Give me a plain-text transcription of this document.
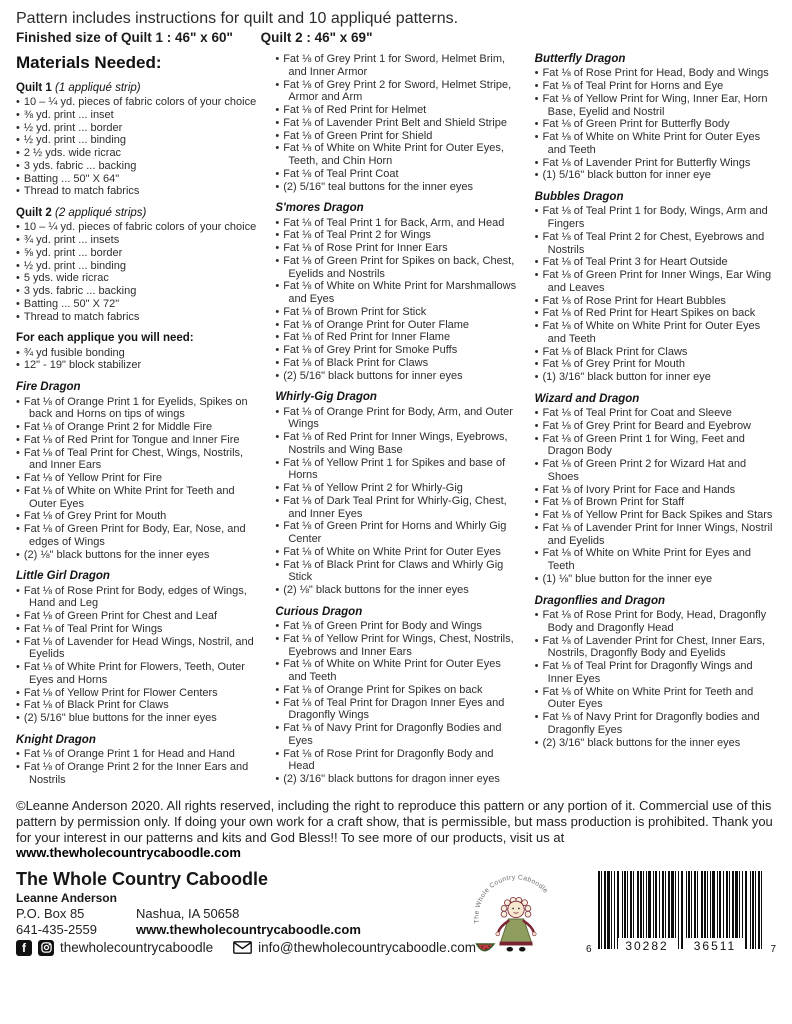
Pattern includes instructions for quilt and 10 appliqué patterns.
Finished size of Quilt 1 : 46" x 60" Quilt 2 : 46" x 69"
Materials Needed:
Quilt 1 (1 appliqué strip)
• 10 – ¼ yd. pieces of fabric colors of your choice
• ⅜ yd. print ... inset
• ½ yd. print ... border
• ½ yd. print ... binding
• 2 ½ yds. wide ricrac
• 3 yds. fabric ... backing
• Batting ... 50" X 64"
• Thread to match fabrics
Quilt 2 (2 appliqué strips)
• 10 – ¼ yd. pieces of fabric colors of your choice
• ¾ yd. print ... insets
• ⅝ yd. print ... border
• ½ yd. print ... binding
• 5 yds. wide ricrac
• 3 yds. fabric ... backing
• Batting ... 50" X 72"
• Thread to match fabrics
For each applique you will need:
• ¾ yd fusible bonding
• 12" - 19" block stabilizer
Fire Dragon
• Fat ⅛ of Orange Print 1 for Eyelids, Spikes on back and Horns on tips of wings
• Fat ⅛ of Orange Print 2 for Middle Fire
• Fat ⅛ of Red Print for Tongue and Inner Fire
• Fat ⅛ of Teal Print for Chest, Wings, Nostrils, and Inner Ears
• Fat ⅛ of Yellow Print for Fire
• Fat ⅛ of White on White Print for Teeth and Outer Eyes
• Fat ⅛ of Grey Print for Mouth
• Fat ⅛ of Green Print for Body, Ear, Nose, and edges of Wings
• (2) ⅛" black buttons for the inner eyes
Little Girl Dragon
• Fat ⅛ of Rose Print for Body, edges of Wings, Hand and Leg
• Fat ⅛ of Green Print for Chest and Leaf
• Fat ⅛ of Teal Print for Wings
• Fat ⅛ of Lavender for Head Wings, Nostril, and Eyelids
• Fat ⅛ of White Print for Flowers, Teeth, Outer Eyes and Horns
• Fat ⅛ of Yellow Print for Flower Centers
• Fat ⅛ of Black Print for Claws
• (2) 5/16" blue buttons for the inner eyes
Knight Dragon
• Fat ⅛ of Orange Print 1 for Head and Hand
• Fat ⅛ of Orange Print 2 for the Inner Ears and Nostrils
• Fat ⅛ of Grey Print 1 for Sword, Helmet Brim, and Inner Armor
• Fat ⅛ of Grey Print 2 for Sword, Helmet Stripe, Armor and Arm
• Fat ⅛ of Red Print for Helmet
• Fat ⅛ of Lavender Print Belt and Shield Stripe
• Fat ⅛ of Green Print for Shield
• Fat ⅛ of White on White Print for Outer Eyes, Teeth, and Chin Horn
• Fat ⅛ of Teal Print Coat
• (2) 5/16" teal buttons for the inner eyes
S'mores Dragon
• Fat ⅛ of Teal Print 1 for Back, Arm, and Head
• Fat ⅛ of Teal Print 2 for Wings
• Fat ⅛ of Rose Print for Inner Ears
• Fat ⅛ of Green Print for Spikes on back, Chest, Eyelids and Nostrils
• Fat ⅛ of White on White Print for Marshmallows and Eyes
• Fat ⅛ of Brown Print for Stick
• Fat ⅛ of Orange Print for Outer Flame
• Fat ⅛ of Red Print for Inner Flame
• Fat ⅛ of Grey Print for Smoke Puffs
• Fat ⅛ of Black Print for Claws
• (2) 5/16" black buttons for inner eyes
Whirly-Gig Dragon
• Fat ⅛ of Orange Print for Body, Arm, and Outer Wings
• Fat ⅛ of Red Print for Inner Wings, Eyebrows, Nostrils and Wing Base
• Fat ⅛ of Yellow Print 1 for Spikes and base of Horns
• Fat ⅛ of Yellow Print 2 for Whirly-Gig
• Fat ⅛ of Dark Teal Print for Whirly-Gig, Chest, and Inner Eyes
• Fat ⅛ of Green Print for Horns and Whirly Gig Center
• Fat ⅛ of White on White Print for Outer Eyes
• Fat ⅛ of Black Print for Claws and Whirly Gig Stick
• (2) ⅛" black buttons for the inner eyes
Curious Dragon
• Fat ⅛ of Green Print for Body and Wings
• Fat ⅛ of Yellow Print for Wings, Chest, Nostrils, Eyebrows and Inner Ears
• Fat ⅛ of White on White Print for Outer Eyes and Teeth
• Fat ⅛ of Orange Print for Spikes on back
• Fat ⅛ of Teal Print for Dragon Inner Eyes and Dragonfly Wings
• Fat ⅛ of Navy Print for Dragonfly Bodies and Eyes
• Fat ⅛ of Rose Print for Dragonfly Body and Head
• (2) 3/16" black buttons for dragon inner eyes
Butterfly Dragon
• Fat ⅛ of Rose Print for Head, Body and Wings
• Fat ⅛ of Teal Print for Horns and Eye
• Fat ⅛ of Yellow Print for Wing, Inner Ear, Horn Base, Eyelid and Nostril
• Fat ⅛ of Green Print for Butterfly Body
• Fat ⅛ of White on White Print for Outer Eyes and Teeth
• Fat ⅛ of Lavender Print for Butterfly Wings
• (1) 5/16" black button for inner eye
Bubbles Dragon
• Fat ⅛ of Teal Print 1 for Body, Wings, Arm and Fingers
• Fat ⅛ of Teal Print 2 for Chest, Eyebrows and Nostrils
• Fat ⅛ of Teal Print 3 for Heart Outside
• Fat ⅛ of Green Print for Inner Wings, Ear Wing and Leaves
• Fat ⅛ of Rose Print for Heart Bubbles
• Fat ⅛ of Red Print for Heart Spikes on back
• Fat ⅛ of White on White Print for Outer Eyes and Teeth
• Fat ⅛ of Black Print for Claws
• Fat ⅛ of Grey Print for Mouth
• (1) 3/16" black button for inner eye
Wizard and Dragon
• Fat ⅛ of Teal Print for Coat and Sleeve
• Fat ⅛ of Grey Print for Beard and Eyebrow
• Fat ⅛ of Green Print 1 for Wing, Feet and Dragon Body
• Fat ⅛ of Green Print 2 for Wizard Hat and Shoes
• Fat ⅛ of Ivory Print for Face and Hands
• Fat ⅛ of Brown Print for Staff
• Fat ⅛ of Yellow Print for Back Spikes and Stars
• Fat ⅛ of Lavender Print for Inner Wings, Nostril and Eyelids
• Fat ⅛ of White on White Print for Eyes and Teeth
• (1) ⅛" blue button for the inner eye
Dragonflies and Dragon
• Fat ⅛ of Rose Print for Body, Head, Dragonfly Body and Dragonfly Head
• Fat ⅛ of Lavender Print for Chest, Inner Ears, Nostrils, Dragonfly Body and Eyelids
• Fat ⅛ of Teal Print for Dragonfly Wings and Inner Eyes
• Fat ⅛ of White on White Print for Teeth and Outer Eyes
• Fat ⅛ of Navy Print for Dragonfly bodies and Dragonfly Eyes
• (2) 3/16" black buttons for the inner eyes
©Leanne Anderson 2020. All rights reserved, including the right to reproduce this pattern or any portion of it. Commercial use of this pattern by permission only. If doing your own work for a craft show, that is permissible, but mass production is prohibited. Thank you for your interest in our patterns and kits and God Bless!! To see more of our products, visit us at www.thewholecountrycaboodle.com
The Whole Country Caboodle
Leanne Anderson
P.O. Box 85	Nashua, IA 50658
641-435-2559	www.thewholecountrycaboodle.com
f	thewholecountrycaboodle	info@thewholecountrycaboodle.com
The Whole Country Caboodle
6	30282	36511	7
